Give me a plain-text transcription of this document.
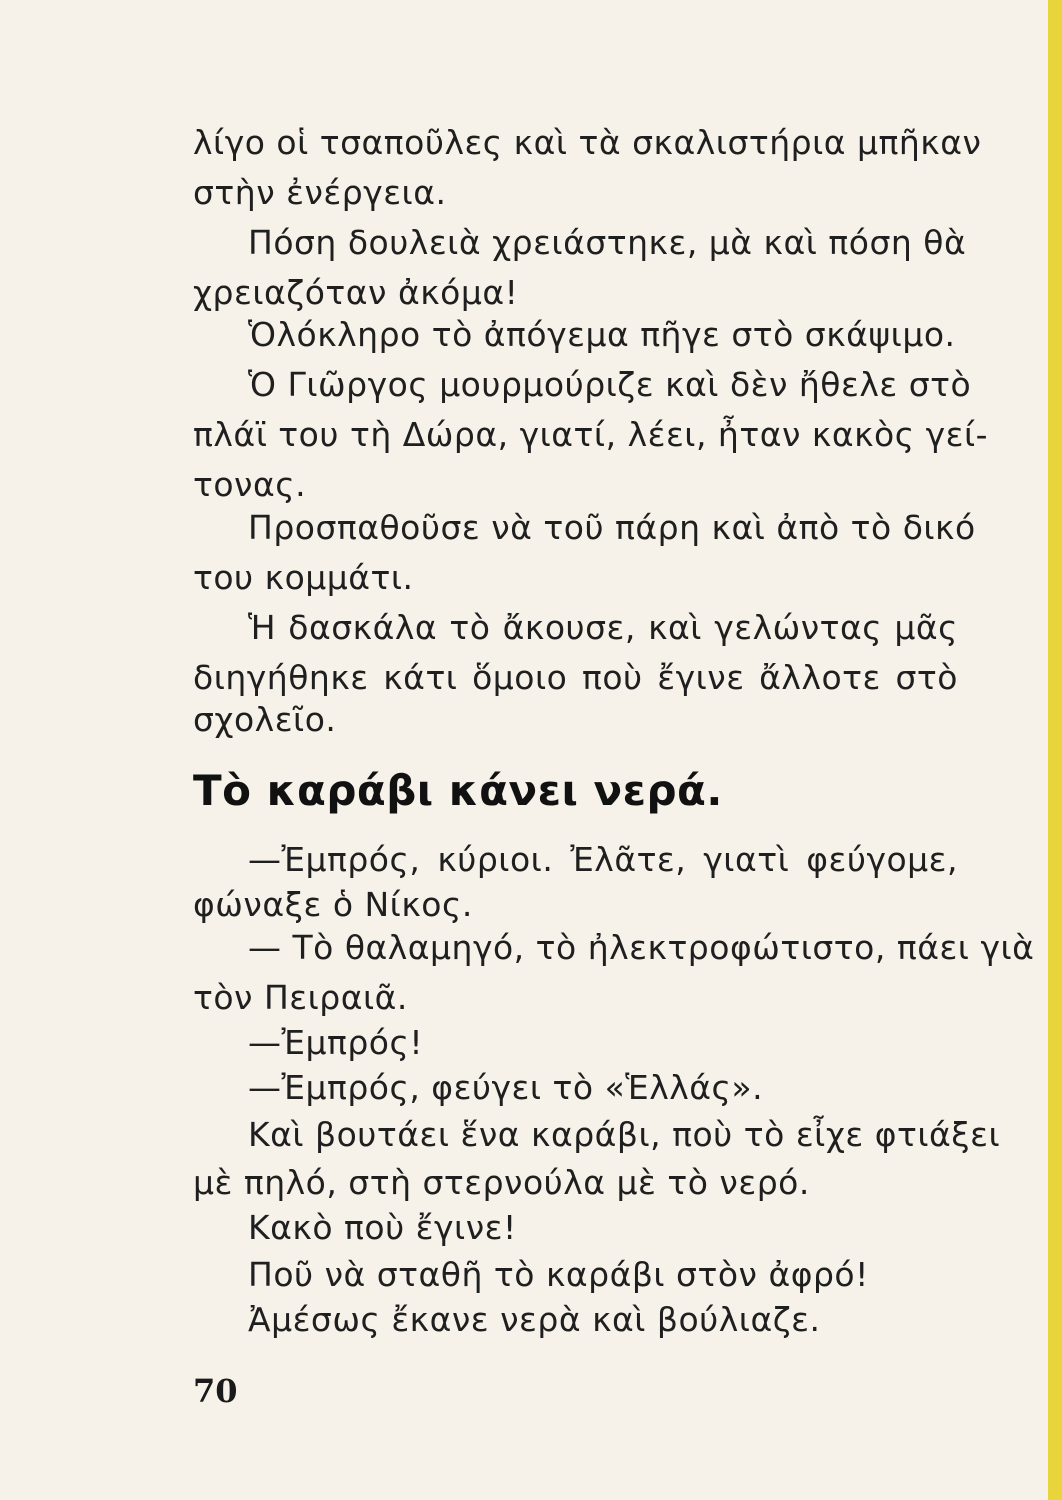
λίγο οἱ τσαποῦλες καὶ τὰ σκαλιστήρια μπῆκαν
στὴν ἐνέργεια.
Πόση δουλειὰ χρειάστηκε, μὰ καὶ πόση θὰ
χρειαζόταν ἀκόμα!
Ὁλόκληρο τὸ ἀπόγεμα πῆγε στὸ σκάψιμο.
Ὁ Γιῶργος μουρμούριζε καὶ δὲν ἤθελε στὸ
πλάϊ του τὴ Δώρα, γιατί, λέει, ἦταν κακὸς γεί-
τονας.
Προσπαθοῦσε νὰ τοῦ πάρη καὶ ἀπὸ τὸ δικό
του κομμάτι.
Ἡ δασκάλα τὸ ἄκουσε, καὶ γελώντας μᾶς
διηγήθηκε κάτι ὅμοιο ποὺ ἔγινε ἄλλοτε στὸ
σχολεῖο.
Τὸ καράβι κάνει νερά.
—Ἐμπρός, κύριοι. Ἐλᾶτε, γιατὶ φεύγομε,
φώναξε ὁ Νίκος.
— Τὸ θαλαμηγό, τὸ ἠλεκτροφώτιστο, πάει γιὰ
τὸν Πειραιᾶ.
—Ἐμπρός!
—Ἐμπρός, φεύγει τὸ «Ἑλλάς».
Καὶ βουτάει ἕνα καράβι, ποὺ τὸ εἶχε φτιάξει
μὲ πηλό, στὴ στερνούλα μὲ τὸ νερό.
Κακὸ ποὺ ἔγινε!
Ποῦ νὰ σταθῆ τὸ καράβι στὸν ἀφρό!
Ἀμέσως ἔκανε νερὰ καὶ βούλιαζε.
70
